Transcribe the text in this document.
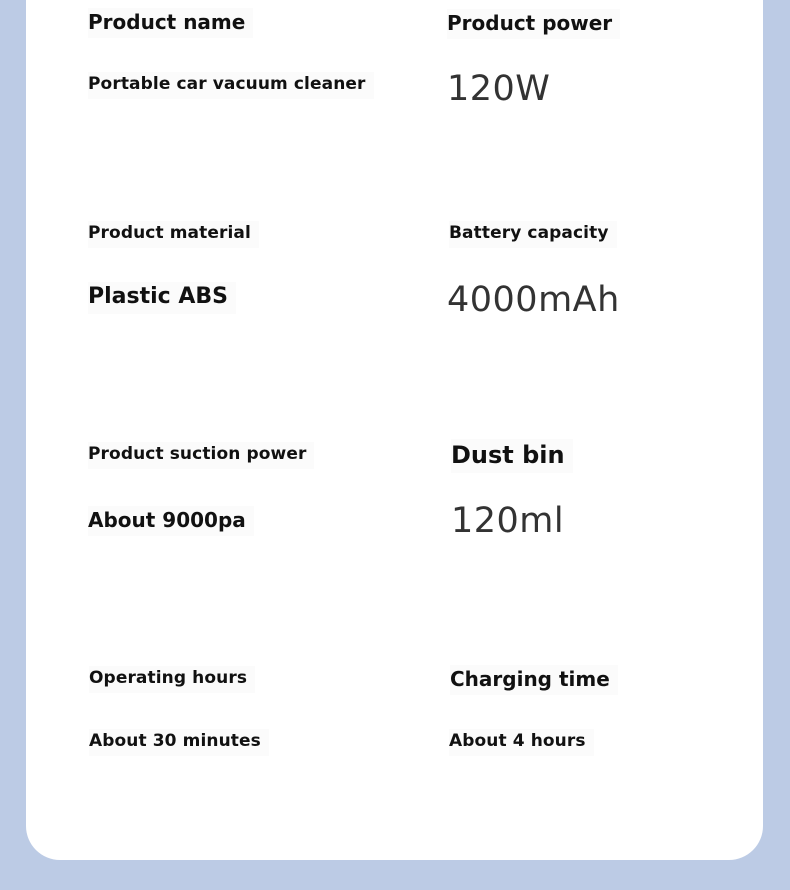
Product name
Portable car vacuum cleaner
Product power
120W
Product material
Plastic ABS
Battery capacity
4000mAh
Product suction power
About 9000pa
Dust bin
120ml
Operating hours
About 30 minutes
Charging time
About 4 hours
